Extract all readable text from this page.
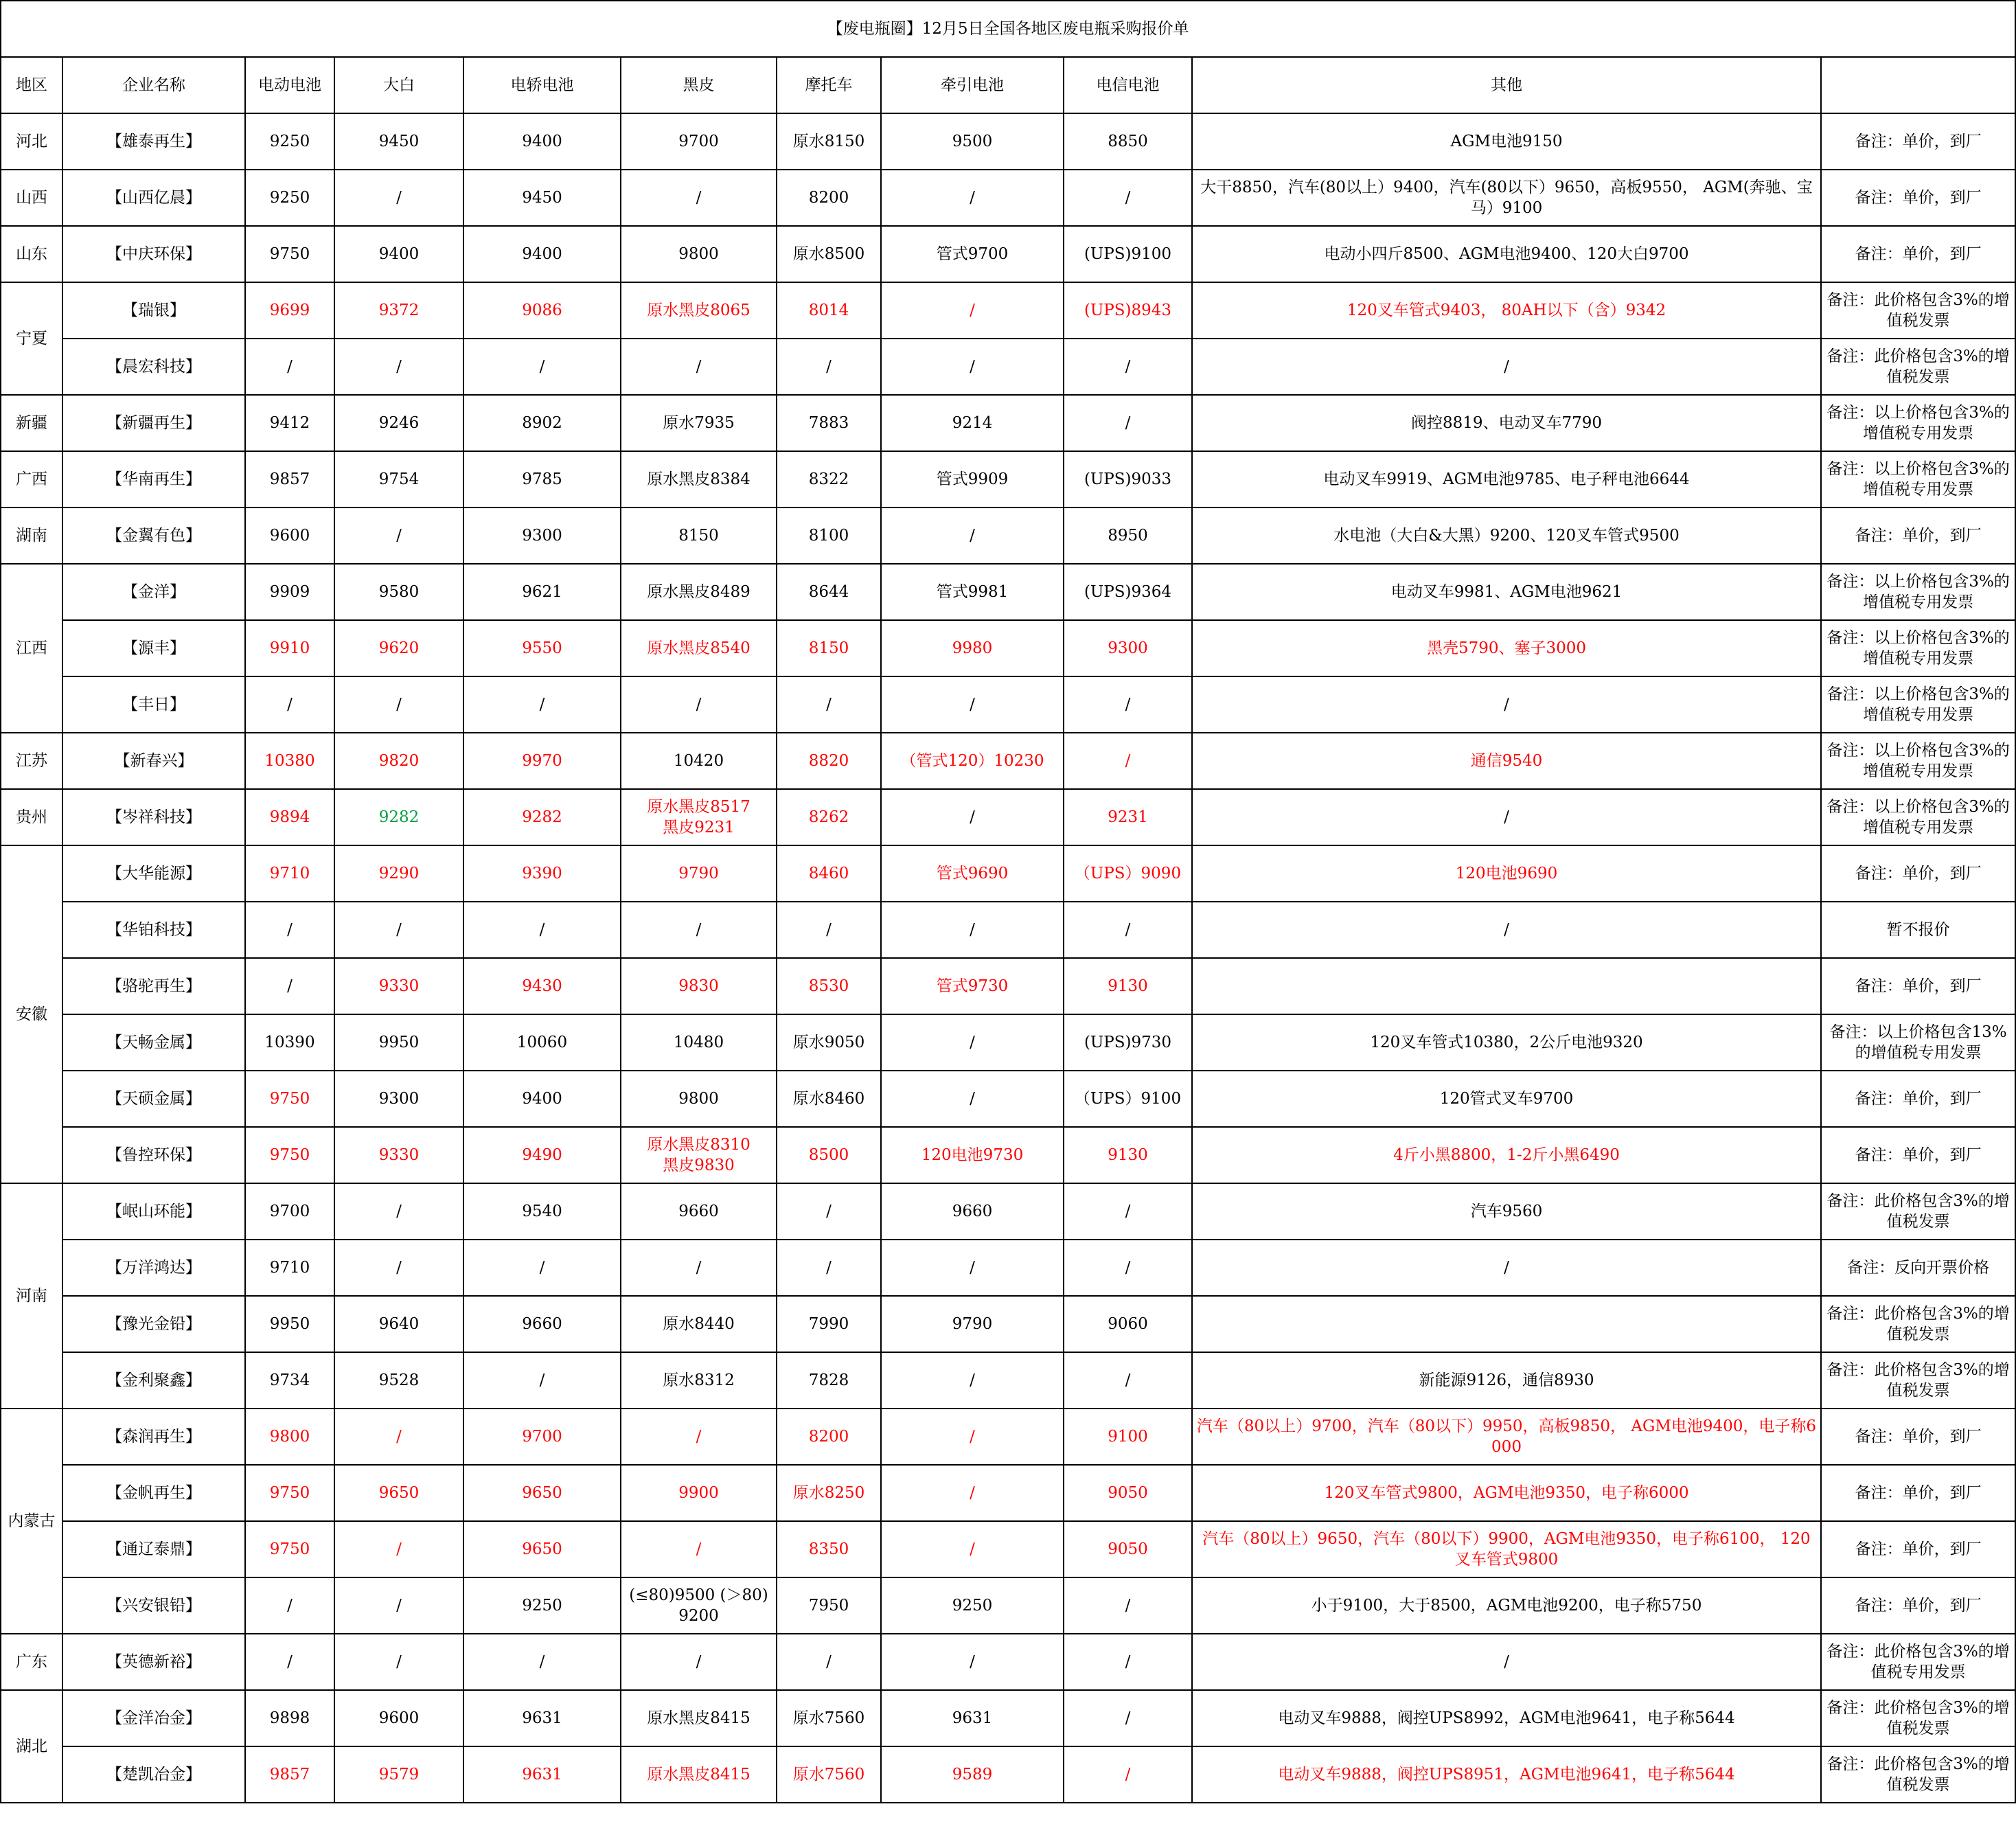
【废电瓶圈】12月5日全国各地区废电瓶采购报价单										
地区	企业名称	电动电池	大白	电轿电池	黑皮	摩托车	牵引电池	电信电池	其他	
河北	【雄泰再生】	9250	9450	9400	9700	原水8150	9500	8850	AGM电池9150	备注：单价，到厂
山西	【山西亿晨】	9250	/	9450	/	8200	/	/	大干8850，汽车(80以上）9400，汽车(80以下）9650，高板9550， AGM(奔驰、宝马）9100	备注：单价，到厂
山东	【中庆环保】	9750	9400	9400	9800	原水8500	管式9700	(UPS)9100	电动小四斤8500、AGM电池9400、120大白9700	备注：单价，到厂
宁夏	【瑞银】	9699	9372	9086	原水黑皮8065	8014	/	(UPS)8943	120叉车管式9403， 80AH以下（含）9342	备注：此价格包含3%的增值税发票
	【晨宏科技】	/	/	/	/	/	/	/	/	备注：此价格包含3%的增值税发票
新疆	【新疆再生】	9412	9246	8902	原水7935	7883	9214	/	阀控8819、电动叉车7790	备注：以上价格包含3%的增值税专用发票
广西	【华南再生】	9857	9754	9785	原水黑皮8384	8322	管式9909	(UPS)9033	电动叉车9919、AGM电池9785、电子秤电池6644	备注：以上价格包含3%的增值税专用发票
湖南	【金翼有色】	9600	/	9300	8150	8100	/	8950	水电池（大白&大黑）9200、120叉车管式9500	备注：单价，到厂
江西	【金洋】	9909	9580	9621	原水黑皮8489	8644	管式9981	(UPS)9364	电动叉车9981、AGM电池9621	备注：以上价格包含3%的增值税专用发票
	【源丰】	9910	9620	9550	原水黑皮8540	8150	9980	9300	黑壳5790、塞子3000	备注：以上价格包含3%的增值税专用发票
	【丰日】	/	/	/	/	/	/	/	/	备注：以上价格包含3%的增值税专用发票
江苏	【新春兴】	10380	9820	9970	10420	8820	（管式120）10230	/	通信9540	备注：以上价格包含3%的增值税专用发票
贵州	【岑祥科技】	9894	9282	9282	原水黑皮8517
黑皮9231	8262	/	9231	/	备注：以上价格包含3%的增值税专用发票
安徽	【大华能源】	9710	9290	9390	9790	8460	管式9690	（UPS）9090	120电池9690	备注：单价，到厂
	【华铂科技】	/	/	/	/	/	/	/	/	暂不报价
	【骆驼再生】	/	9330	9430	9830	8530	管式9730	9130		备注：单价，到厂
	【天畅金属】	10390	9950	10060	10480	原水9050	/	(UPS)9730	120叉车管式10380，2公斤电池9320	备注：以上价格包含13%的增值税专用发票
	【天硕金属】	9750	9300	9400	9800	原水8460	/	（UPS）9100	120管式叉车9700	备注：单价，到厂
	【鲁控环保】	9750	9330	9490	原水黑皮8310
黑皮9830	8500	120电池9730	9130	4斤小黑8800，1-2斤小黑6490	备注：单价，到厂
河南	【岷山环能】	9700	/	9540	9660	/	9660	/	汽车9560	备注：此价格包含3%的增值税发票
	【万洋鸿达】	9710	/	/	/	/	/	/	/	备注：反向开票价格
	【豫光金铅】	9950	9640	9660	原水8440	7990	9790	9060		备注：此价格包含3%的增值税发票
	【金利聚鑫】	9734	9528	/	原水8312	7828	/	/	新能源9126，通信8930	备注：此价格包含3%的增值税发票
内蒙古	【森润再生】	9800	/	9700	/	8200	/	9100	汽车（80以上）9700，汽车（80以下）9950，高板9850， AGM电池9400，电子称6000	备注：单价，到厂
	【金帆再生】	9750	9650	9650	9900	原水8250	/	9050	120叉车管式9800，AGM电池9350，电子称6000	备注：单价，到厂
	【通辽泰鼎】	9750	/	9650	/	8350	/	9050	汽车（80以上）9650，汽车（80以下）9900，AGM电池9350，电子称6100， 120叉车管式9800	备注：单价，到厂
	【兴安银铅】	/	/	9250	(≤80)9500 (＞80)9200	7950	9250	/	小于9100，大于8500，AGM电池9200，电子称5750	备注：单价，到厂
广东	【英德新裕】	/	/	/	/	/	/	/	/	备注：此价格包含3%的增值税专用发票
湖北	【金洋冶金】	9898	9600	9631	原水黑皮8415	原水7560	9631	/	电动叉车9888，阀控UPS8992，AGM电池9641，电子称5644	备注：此价格包含3%的增值税发票
	【楚凯冶金】	9857	9579	9631	原水黑皮8415	原水7560	9589	/	电动叉车9888，阀控UPS8951，AGM电池9641，电子称5644	备注：此价格包含3%的增值税发票
